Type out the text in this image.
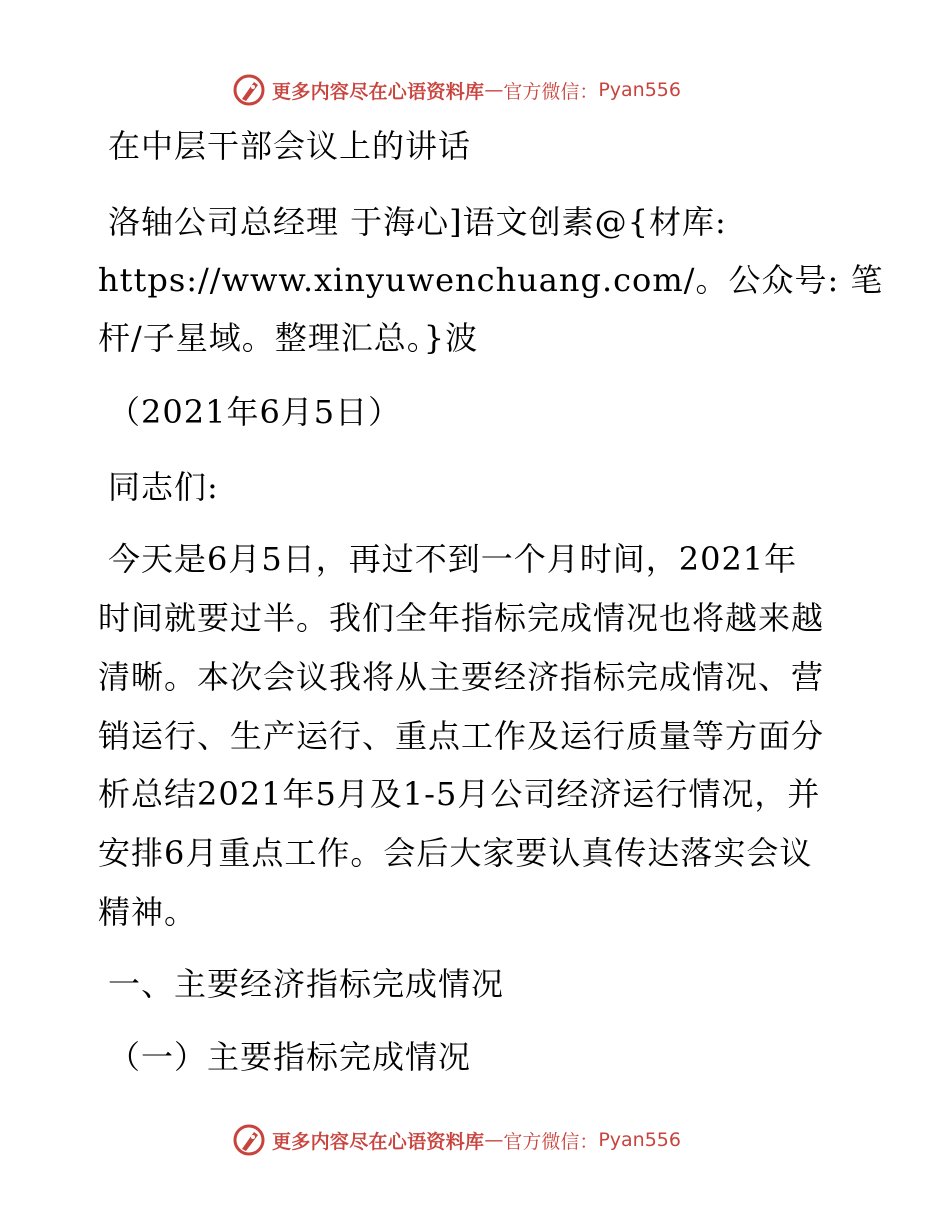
更多内容尽在心语资料库 — 官方微信： Pyan556
在中层干部会议上的讲话
洛轴公司总经理 于海心]语文创素@{材库:
https://www.xinyuwenchuang.com/。公众号: 笔
杆/子星域。整理汇总。}波
（2021年6月5日）
同志们:
今天是6月5日，再过不到一个月时间，2021年
时间就要过半。我们全年指标完成情况也将越来越
清晰。本次会议我将从主要经济指标完成情况、营
销运行、生产运行、重点工作及运行质量等方面分
析总结2021年5月及1-5月公司经济运行情况，并
安排6月重点工作。会后大家要认真传达落实会议
精神。
一、主要经济指标完成情况
（一）主要指标完成情况
更多内容尽在心语资料库 — 官方微信： Pyan556
